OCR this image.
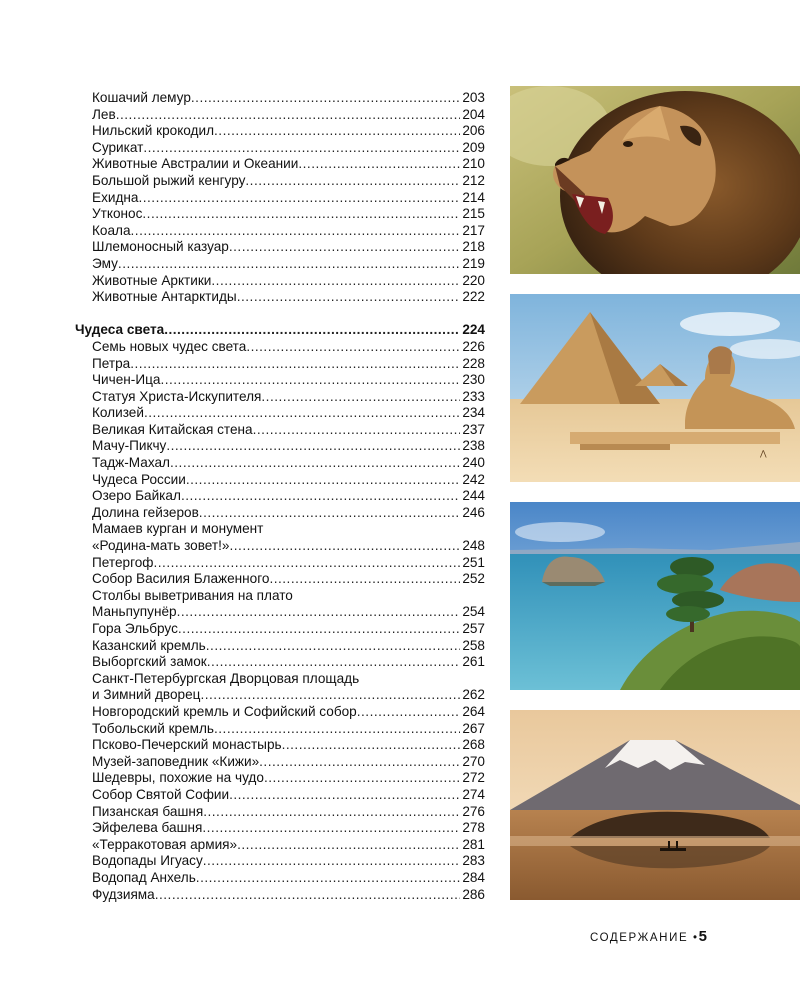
Кошачий лемур .....	203
Лев .....	204
Нильский крокодил .....	206
Сурикат .....	209
Животные Австралии и Океании .....	210
Большой рыжий кенгуру .....	212
Ехидна .....	214
Утконос .....	215
Коала .....	217
Шлемоносный казуар .....	218
Эму .....	219
Животные Арктики .....	220
Животные Антарктиды .....	222
Чудеса света .....	224
Семь новых чудес света .....	226
Петра .....	228
Чичен-Ица .....	230
Статуя Христа-Искупителя .....	233
Колизей .....	234
Великая Китайская стена .....	237
Мачу-Пикчу .....	238
Тадж-Махал .....	240
Чудеса России .....	242
Озеро Байкал .....	244
Долина гейзеров .....	246
Мамаев курган и монумент
«Родина-мать зовет!» .....	248
Петергоф .....	251
Собор Василия Блаженного .....	252
Столбы выветривания на плато
Маньпупунёр .....	254
Гора Эльбрус .....	257
Казанский кремль .....	258
Выборгский замок .....	261
Санкт-Петербургская Дворцовая площадь
и Зимний дворец .....	262
Новгородский кремль и Софийский собор .....	264
Тобольский кремль .....	267
Псково-Печерский монастырь .....	268
Музей-заповедник «Кижи» .....	270
Шедевры, похожие на чудо .....	272
Собор Святой Софии .....	274
Пизанская башня .....	276
Эйфелева башня .....	278
«Терракотовая армия» .....	281
Водопады Игуасу .....	283
Водопад Анхель .....	284
Фудзияма .....	286
⋀
СОДЕРЖАНИЕ •5
